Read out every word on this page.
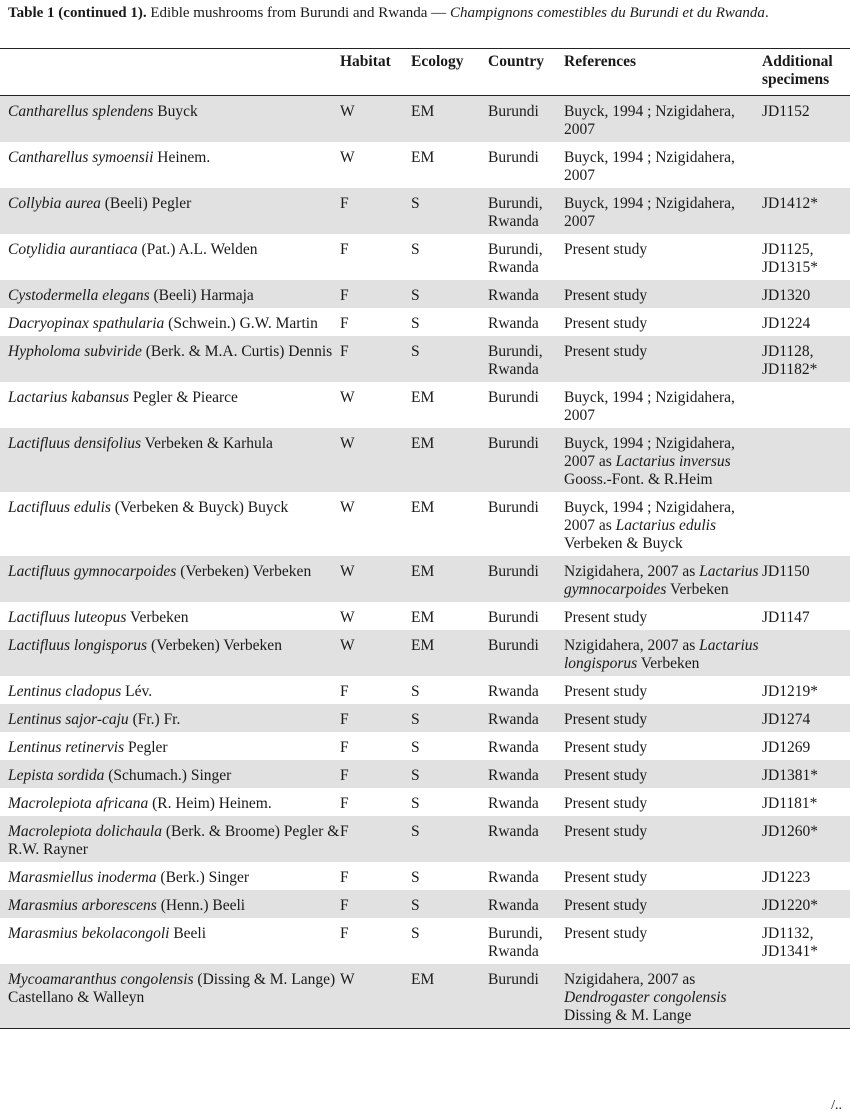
Table 1 (continued 1). Edible mushrooms from Burundi and Rwanda — Champignons comestibles du Burundi et du Rwanda.
	Habitat	Ecology	Country	References	Additional specimens
Cantharellus splendens Buyck	W	EM	Burundi	Buyck, 1994 ; Nzigidahera, 2007	JD1152
Cantharellus symoensii Heinem.	W	EM	Burundi	Buyck, 1994 ; Nzigidahera, 2007	
Collybia aurea (Beeli) Pegler	F	S	Burundi, Rwanda	Buyck, 1994 ; Nzigidahera, 2007	JD1412*
Cotylidia aurantiaca (Pat.) A.L. Welden	F	S	Burundi, Rwanda	Present study	JD1125, JD1315*
Cystodermella elegans (Beeli) Harmaja	F	S	Rwanda	Present study	JD1320
Dacryopinax spathularia (Schwein.) G.W. Martin	F	S	Rwanda	Present study	JD1224
Hypholoma subviride (Berk. & M.A. Curtis) Dennis	F	S	Burundi, Rwanda	Present study	JD1128, JD1182*
Lactarius kabansus Pegler & Piearce	W	EM	Burundi	Buyck, 1994 ; Nzigidahera, 2007	
Lactifluus densifolius Verbeken & Karhula	W	EM	Burundi	Buyck, 1994 ; Nzigidahera, 2007 as Lactarius inversus Gooss.-Font. & R.Heim	
Lactifluus edulis (Verbeken & Buyck) Buyck	W	EM	Burundi	Buyck, 1994 ; Nzigidahera, 2007 as Lactarius edulis Verbeken & Buyck	
Lactifluus gymnocarpoides (Verbeken) Verbeken	W	EM	Burundi	Nzigidahera, 2007 as Lactarius gymnocarpoides Verbeken	JD1150
Lactifluus luteopus Verbeken	W	EM	Burundi	Present study	JD1147
Lactifluus longisporus (Verbeken) Verbeken	W	EM	Burundi	Nzigidahera, 2007 as Lactarius longisporus Verbeken	
Lentinus cladopus Lév.	F	S	Rwanda	Present study	JD1219*
Lentinus sajor-caju (Fr.) Fr.	F	S	Rwanda	Present study	JD1274
Lentinus retinervis Pegler	F	S	Rwanda	Present study	JD1269
Lepista sordida (Schumach.) Singer	F	S	Rwanda	Present study	JD1381*
Macrolepiota africana (R. Heim) Heinem.	F	S	Rwanda	Present study	JD1181*
Macrolepiota dolichaula (Berk. & Broome) Pegler & R.W. Rayner	F	S	Rwanda	Present study	JD1260*
Marasmiellus inoderma (Berk.) Singer	F	S	Rwanda	Present study	JD1223
Marasmius arborescens (Henn.) Beeli	F	S	Rwanda	Present study	JD1220*
Marasmius bekolacongoli Beeli	F	S	Burundi, Rwanda	Present study	JD1132, JD1341*
Mycoamaranthus congolensis (Dissing & M. Lange) Castellano & Walleyn	W	EM	Burundi	Nzigidahera, 2007 as Dendrogaster congolensis Dissing & M. Lange	
/..
